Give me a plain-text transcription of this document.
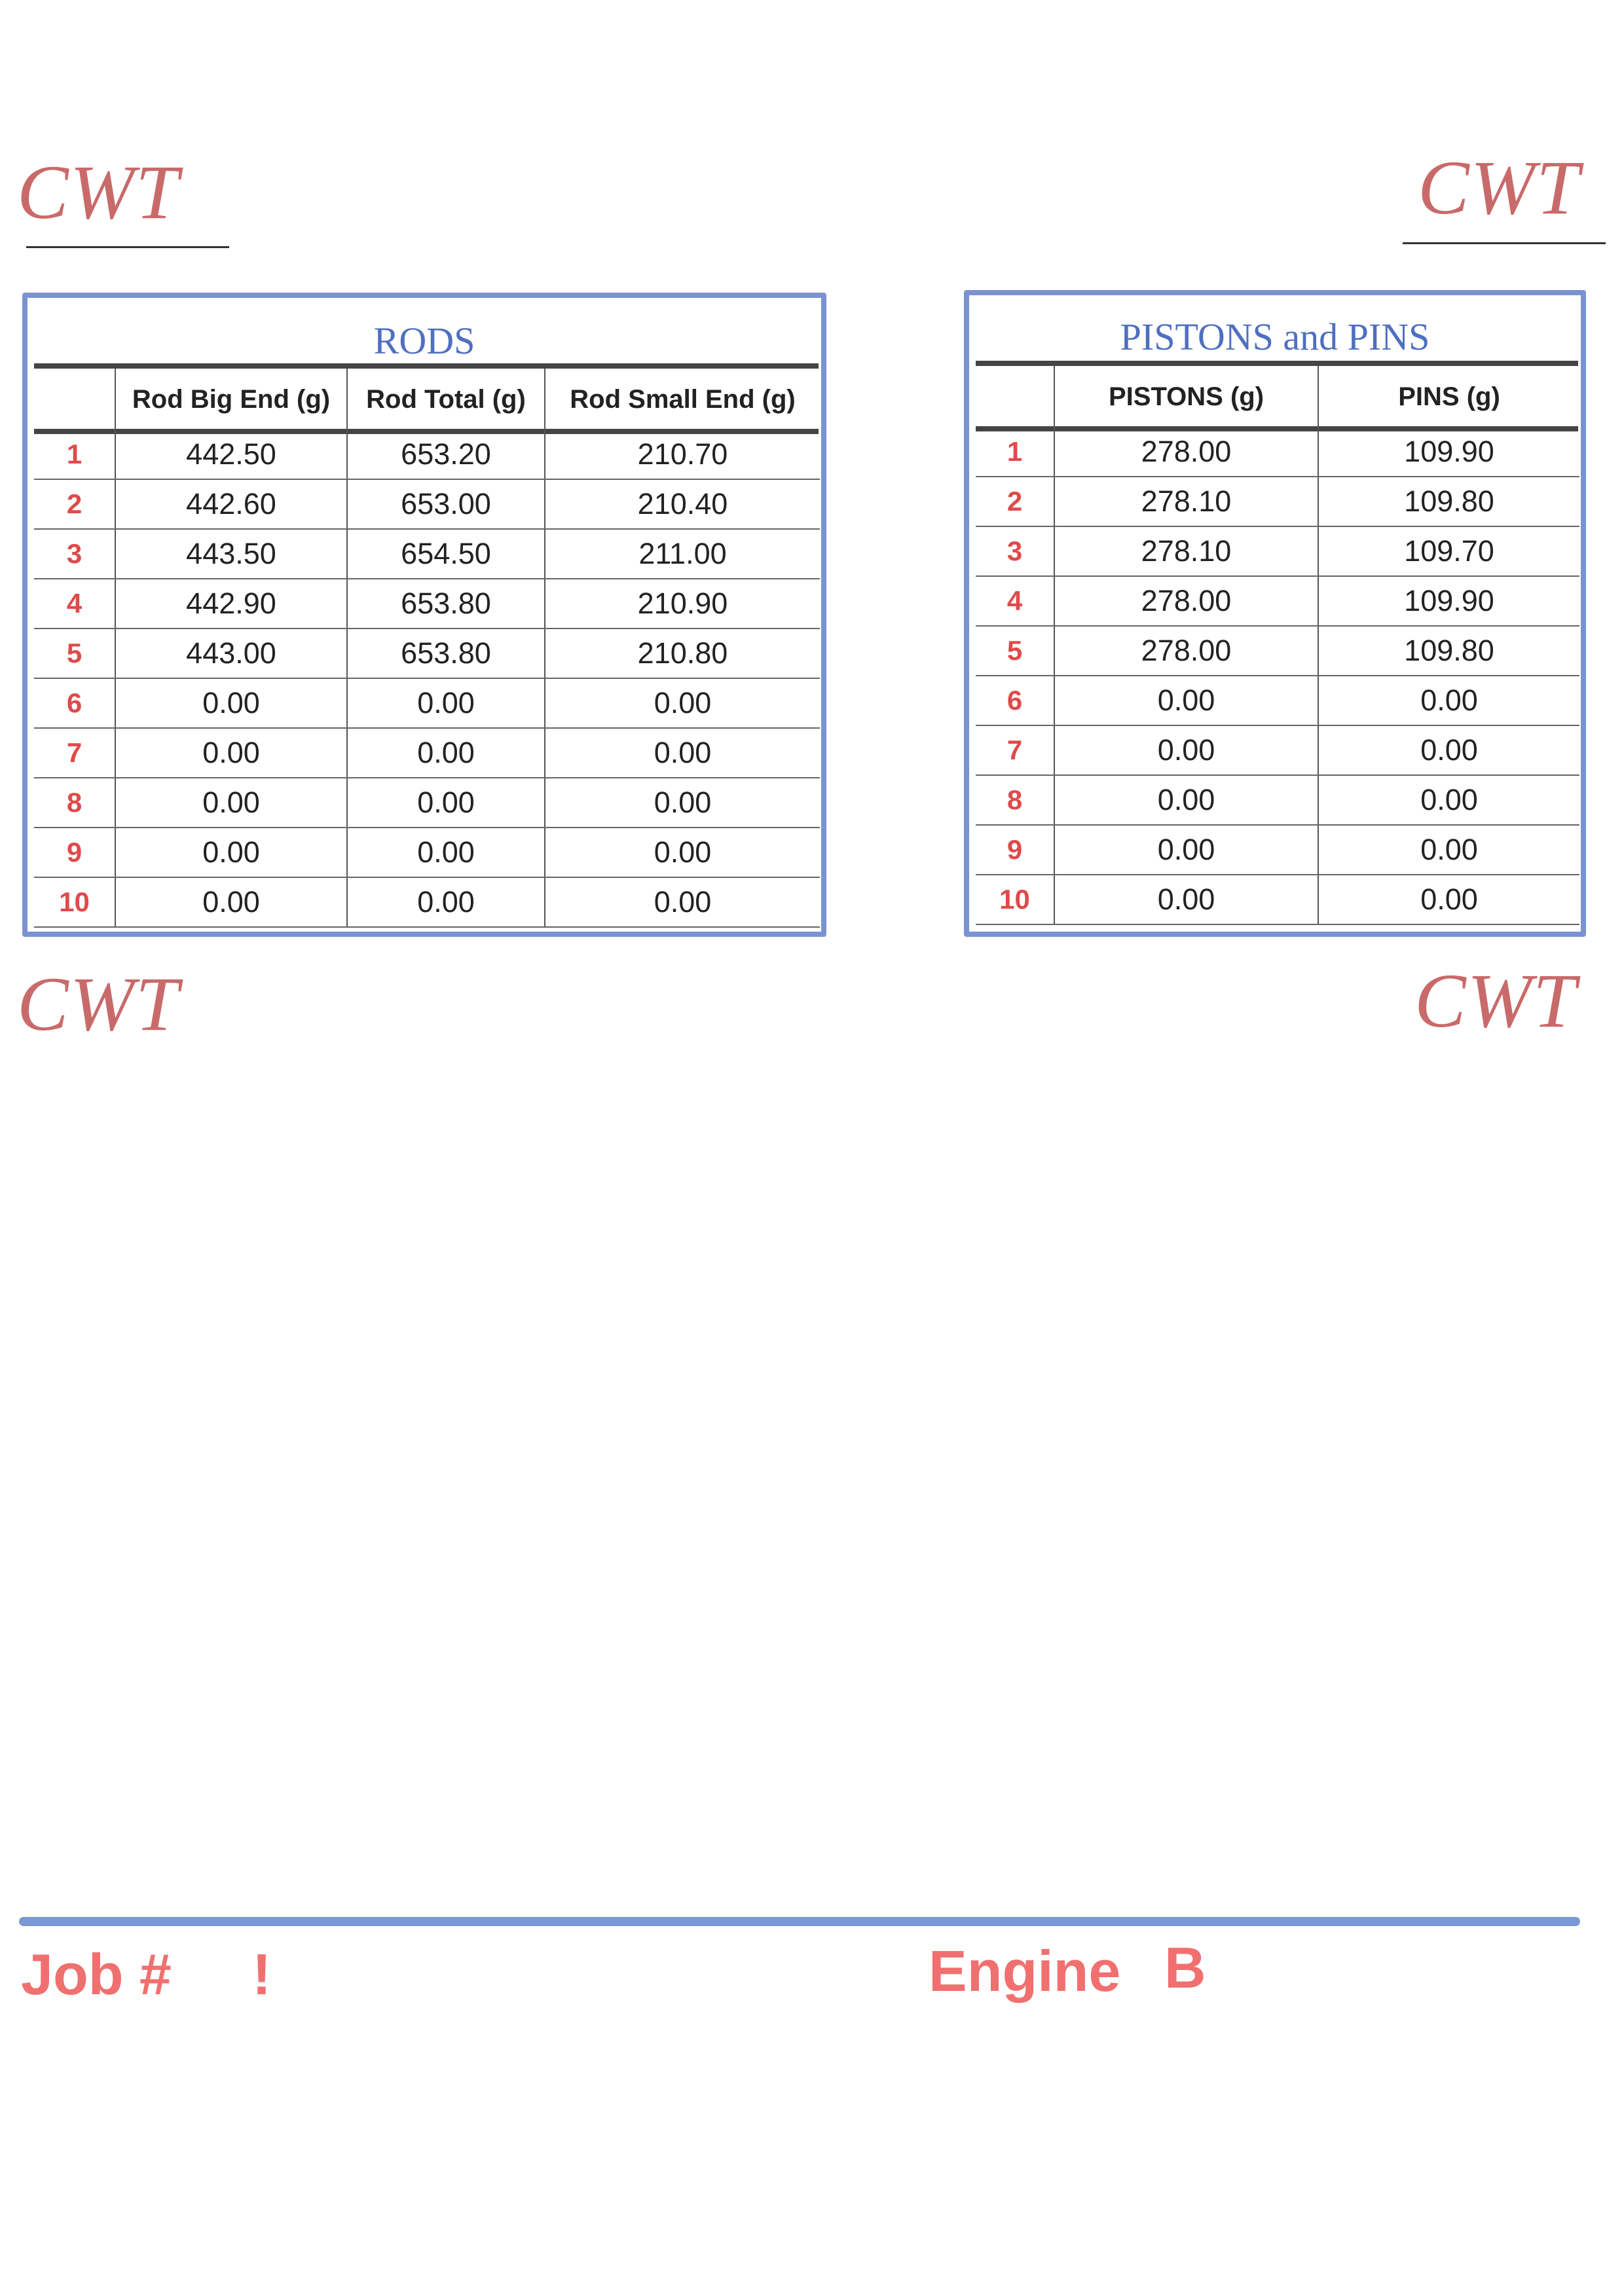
CWT	CWT
RODS
	Rod Big End (g)	Rod Total (g)	Rod Small End (g)
1	442.50	653.20	210.70
2	442.60	653.00	210.40
3	443.50	654.50	211.00
4	442.90	653.80	210.90
5	443.00	653.80	210.80
6	0.00	0.00	0.00
7	0.00	0.00	0.00
8	0.00	0.00	0.00
9	0.00	0.00	0.00
10	0.00	0.00	0.00
PISTONS and PINS
	PISTONS (g)	PINS (g)
1	278.00	109.90
2	278.10	109.80
3	278.10	109.70
4	278.00	109.90
5	278.00	109.80
6	0.00	0.00
7	0.00	0.00
8	0.00	0.00
9	0.00	0.00
10	0.00	0.00
CWT	CWT
Job # !	Engine B
